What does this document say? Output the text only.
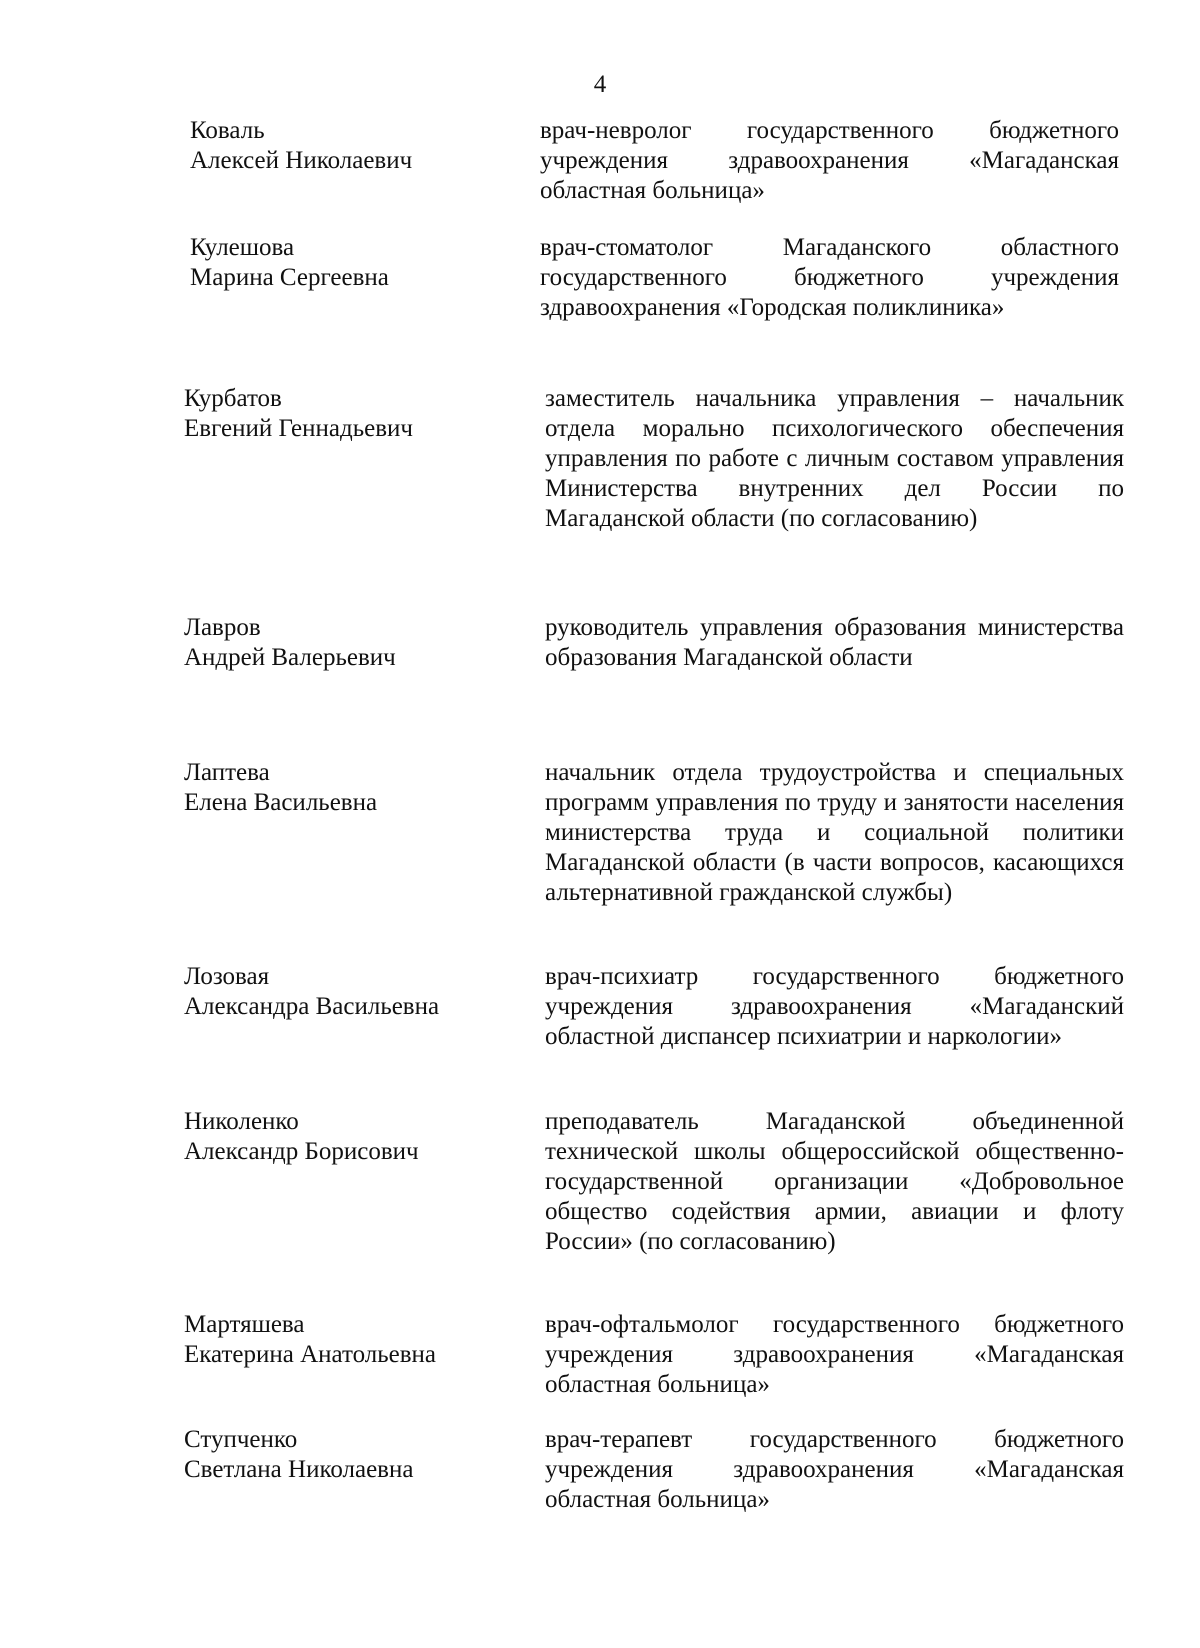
4
Коваль
Алексей Николаевич
врач-невролог государственного бюджетного учреждения здравоохранения «Магаданская областная больница»
Кулешова
Марина Сергеевна
врач-стоматолог Магаданского областного государственного бюджетного учреждения здравоохранения «Городская поликлиника»
Курбатов
Евгений Геннадьевич
заместитель начальника управления – начальник отдела морально психологического обеспечения управления по работе с личным составом управления Министерства внутренних дел России по Магаданской области (по согласованию)
Лавров
Андрей Валерьевич
руководитель управления образования министерства образования Магаданской области
Лаптева
Елена Васильевна
начальник отдела трудоустройства и специальных программ управления по труду и занятости населения министерства труда и социальной политики Магаданской области (в части вопросов, касающихся альтернативной гражданской службы)
Лозовая
Александра Васильевна
врач-психиатр государственного бюджетного учреждения здравоохранения «Магаданский областной диспансер психиатрии и наркологии»
Николенко
Александр Борисович
преподаватель Магаданской объединенной технической школы общероссийской общественно-государственной организации «Добровольное общество содействия армии, авиации и флоту России» (по согласованию)
Мартяшева
Екатерина Анатольевна
врач-офтальмолог государственного бюджетного учреждения здравоохранения «Магаданская областная больница»
Ступченко
Светлана Николаевна
врач-терапевт государственного бюджетного учреждения здравоохранения «Магаданская областная больница»
